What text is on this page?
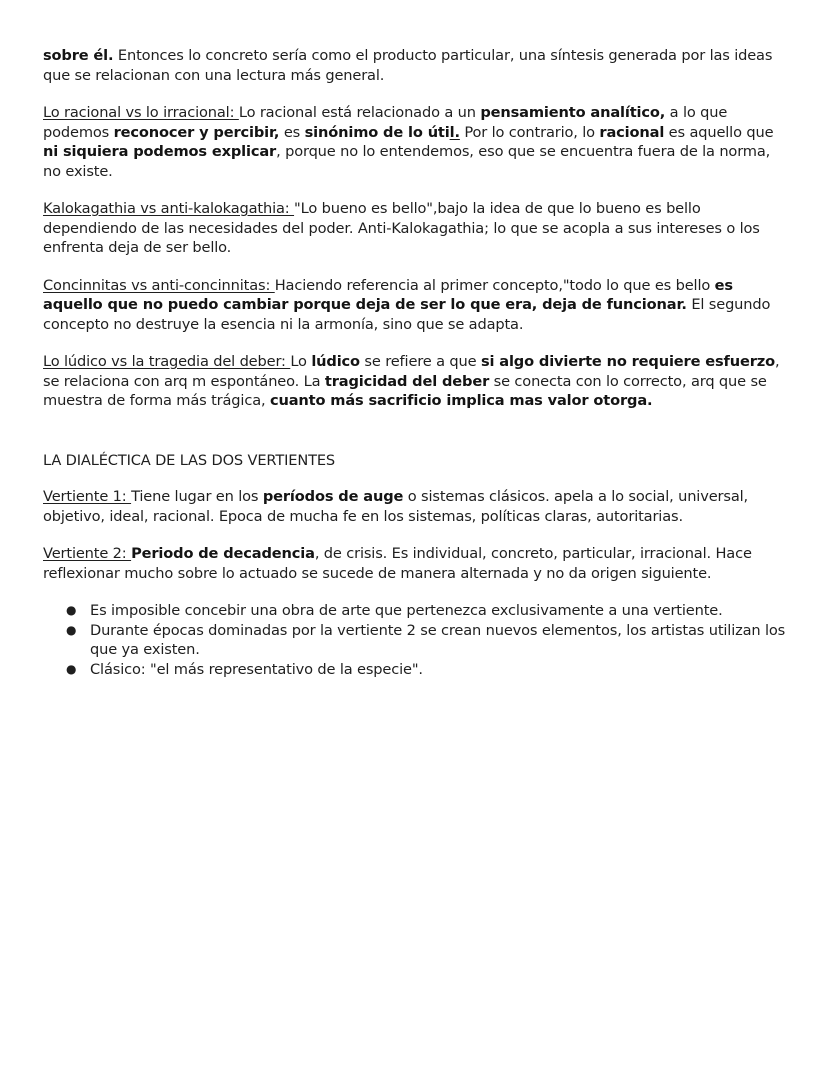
sobre él. Entonces lo concreto sería como el producto particular, una síntesis generada por las ideas que se relacionan con una lectura más general.

Lo racional vs lo irracional: Lo racional está relacionado a un pensamiento analítico, a lo que podemos reconocer y percibir, es sinónimo de lo útil. Por lo contrario, lo racional es aquello que ni siquiera podemos explicar, porque no lo entendemos, eso que se encuentra fuera de la norma, no existe.

Kalokagathia vs anti-kalokagathia: "Lo bueno es bello",bajo la idea de que lo bueno es bello dependiendo de las necesidades del poder. Anti-Kalokagathia; lo que se acopla a sus intereses o los enfrenta deja de ser bello.

Concinnitas vs anti-concinnitas: Haciendo referencia al primer concepto,"todo lo que es bello es aquello que no puedo cambiar porque deja de ser lo que era, deja de funcionar. El segundo concepto no destruye la esencia ni la armonía, sino que se adapta.

Lo lúdico vs la tragedia del deber: Lo lúdico se refiere a que si algo divierte no requiere esfuerzo, se relaciona con arq m espontáneo. La tragicidad del deber se conecta con lo correcto, arq que se muestra de forma más trágica, cuanto más sacrificio implica mas valor otorga.

LA DIALÉCTICA DE LAS DOS VERTIENTES

Vertiente 1: Tiene lugar en los períodos de auge o sistemas clásicos. apela a lo social, universal, objetivo, ideal, racional. Epoca de mucha fe en los sistemas, políticas claras, autoritarias.

Vertiente 2: Periodo de decadencia, de crisis. Es individual, concreto, particular, irracional. Hace reflexionar mucho sobre lo actuado se sucede de manera alternada y no da origen siguiente.

● Es imposible concebir una obra de arte que pertenezca exclusivamente a una vertiente.
● Durante épocas dominadas por la vertiente 2 se crean nuevos elementos, los artistas utilizan los que ya existen.
● Clásico: "el más representativo de la especie".
